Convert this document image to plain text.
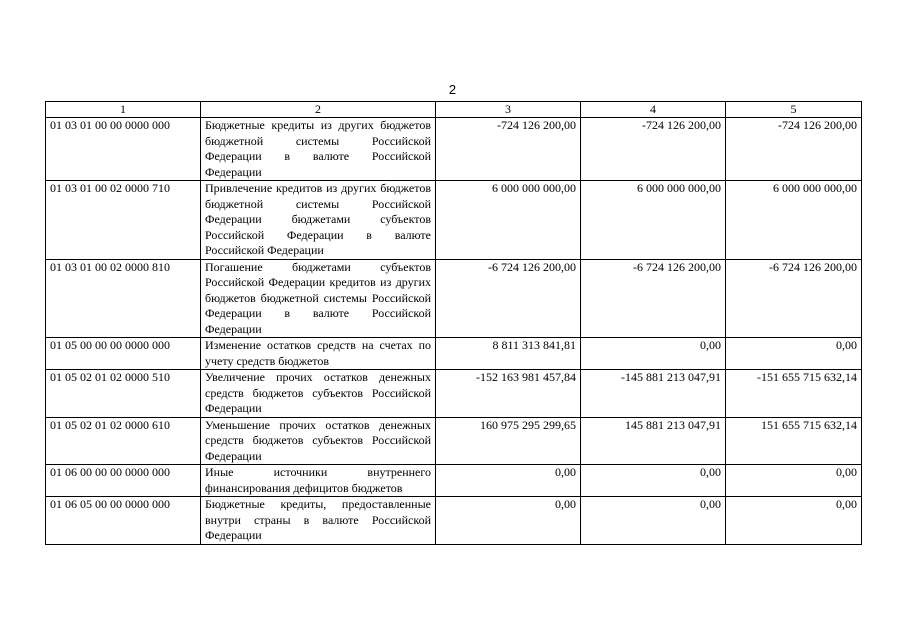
2
1	2	3	4	5
01 03 01 00 00 0000 000	Бюджетные кредиты из других бюджетов бюджетной системы Российской Федерации в валюте Российской Федерации	-724 126 200,00	-724 126 200,00	-724 126 200,00
01 03 01 00 02 0000 710	Привлечение кредитов из других бюджетов бюджетной системы Российской Федерации бюджетами субъектов Российской Федерации в валюте Российской Федерации	6 000 000 000,00	6 000 000 000,00	6 000 000 000,00
01 03 01 00 02 0000 810	Погашение бюджетами субъектов Российской Федерации кредитов из других бюджетов бюджетной системы Российской Федерации в валюте Российской Федерации	-6 724 126 200,00	-6 724 126 200,00	-6 724 126 200,00
01 05 00 00 00 0000 000	Изменение остатков средств на счетах по учету средств бюджетов	8 811 313 841,81	0,00	0,00
01 05 02 01 02 0000 510	Увеличение прочих остатков денежных средств бюджетов субъектов Российской Федерации	-152 163 981 457,84	-145 881 213 047,91	-151 655 715 632,14
01 05 02 01 02 0000 610	Уменьшение прочих остатков денежных средств бюджетов субъектов Российской Федерации	160 975 295 299,65	145 881 213 047,91	151 655 715 632,14
01 06 00 00 00 0000 000	Иные источники внутреннего финансирования дефицитов бюджетов	0,00	0,00	0,00
01 06 05 00 00 0000 000	Бюджетные кредиты, предоставленные внутри страны в валюте Российской Федерации	0,00	0,00	0,00
